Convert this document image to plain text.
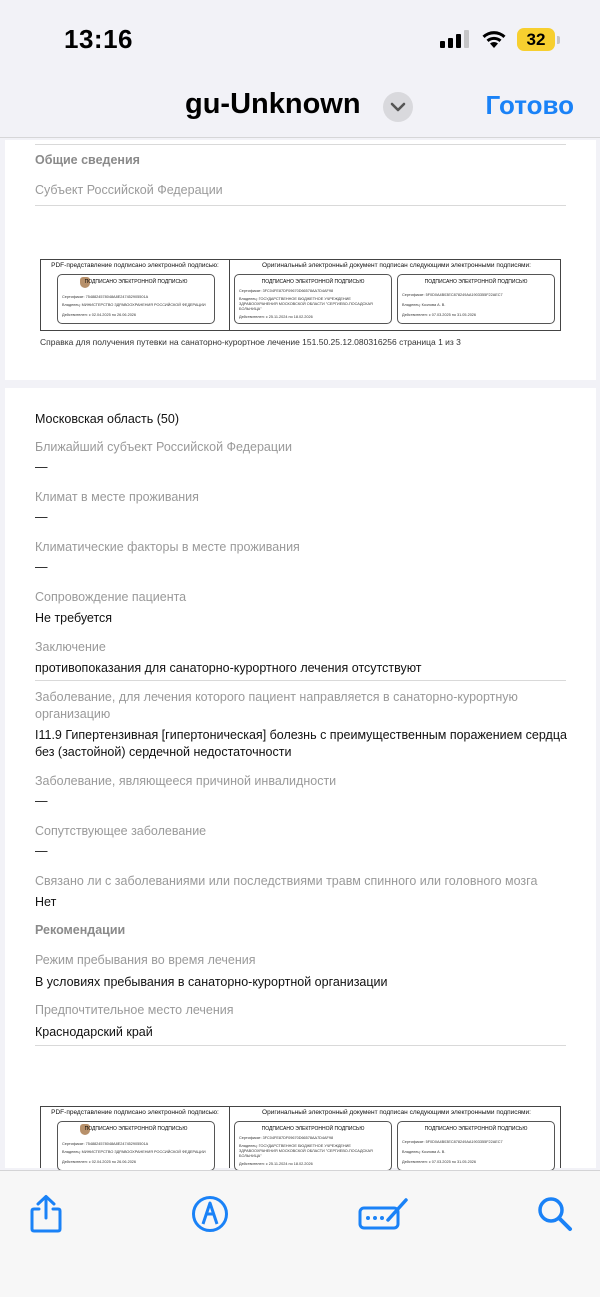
13:16	32
gu-Unknown	Готово
Общие сведения
Субъект Российской Федерации
PDF-представление подписано электронной подписью:
ПОДПИСАНО ЭЛЕКТРОННОЙ ПОДПИСЬЮ
Сертификат: 7548824578048A8E247452905501A
Владелец: МИНИСТЕРСТВО ЗДРАВООХРАНЕНИЯ РОССИЙСКОЙ ФЕДЕРАЦИИ
Действителен: с 02.04.2025 по 26.06.2026
Оригинальный электронный документ подписан следующими электронными подписями:
ПОДПИСАНО ЭЛЕКТРОННОЙ ПОДПИСЬЮ
Сертификат: 3FC04FE87DF09670D66578AA7D4AF98
Владелец: ГОСУДАРСТВЕННОЕ БЮДЖЕТНОЕ УЧРЕЖДЕНИЕ ЗДРАВООХРАНЕНИЯ МОСКОВСКОЙ ОБЛАСТИ "СЕРГИЕВО-ПОСАДСКАЯ БОЛЬНИЦА"
Действителен: с 25.11.2024 по 18.02.2026
ПОДПИСАНО ЭЛЕКТРОННОЙ ПОДПИСЬЮ
Сертификат: 5F0D0A4B03EC878249AA1903355F22AEC7
Владелец: Козлова А. В.
Действителен: с 07.03.2025 по 31.05.2026
Справка для получения путевки на санаторно-курортное лечение 151.50.25.12.080316256 страница 1 из 3
Московская область (50)
Ближайший субъект Российской Федерации
—
Климат в месте проживания
—
Климатические факторы в месте проживания
—
Сопровождение пациента
Не требуется
Заключение
противопоказания для санаторно-курортного лечения отсутствуют
Заболевание, для лечения которого пациент направляется в санаторно-курортную организацию
I11.9 Гипертензивная [гипертоническая] болезнь с преимущественным поражением сердца без (застойной) сердечной недостаточности
Заболевание, являющееся причиной инвалидности
—
Сопутствующее заболевание
—
Связано ли с заболеваниями или последствиями травм спинного или головного мозга
Нет
Рекомендации
Режим пребывания во время лечения
В условиях пребывания в санаторно-курортной организации
Предпочтительное место лечения
Краснодарский край
PDF-представление подписано электронной подписью:
ПОДПИСАНО ЭЛЕКТРОННОЙ ПОДПИСЬЮ
Сертификат: 7548824578048A8E247452905501A
Владелец: МИНИСТЕРСТВО ЗДРАВООХРАНЕНИЯ РОССИЙСКОЙ ФЕДЕРАЦИИ
Действителен: с 02.04.2025 по 26.06.2026
Оригинальный электронный документ подписан следующими электронными подписями:
ПОДПИСАНО ЭЛЕКТРОННОЙ ПОДПИСЬЮ
Сертификат: 3FC04FE87DF09670D66578AA7D4AF98
Владелец: ГОСУДАРСТВЕННОЕ БЮДЖЕТНОЕ УЧРЕЖДЕНИЕ ЗДРАВООХРАНЕНИЯ МОСКОВСКОЙ ОБЛАСТИ "СЕРГИЕВО-ПОСАДСКАЯ БОЛЬНИЦА"
Действителен: с 25.11.2024 по 18.02.2026
ПОДПИСАНО ЭЛЕКТРОННОЙ ПОДПИСЬЮ
Сертификат: 5F0D0A4B03EC878249AA1903355F22AEC7
Владелец: Козлова А. В.
Действителен: с 07.03.2025 по 31.05.2026
